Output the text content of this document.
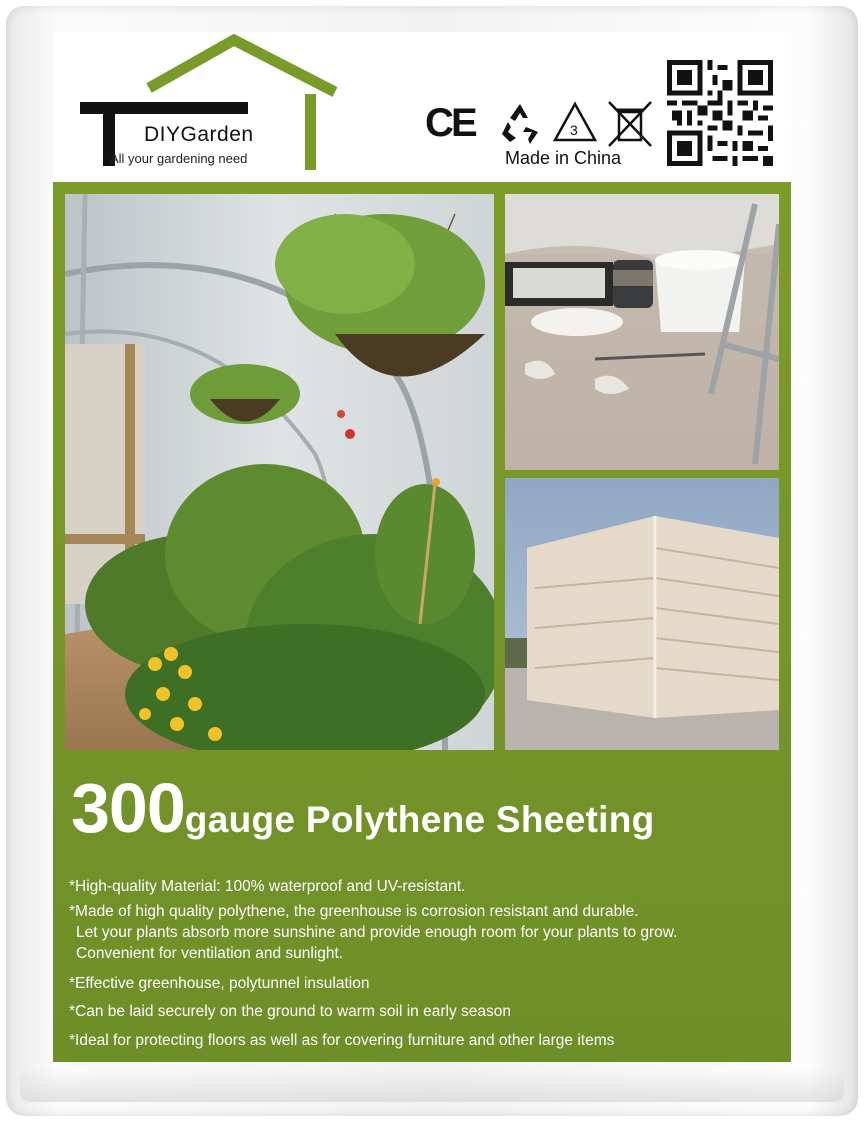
DIYGarden
All your gardening need
C
E	3
Made in China
300gauge Polythene Sheeting
*High-quality Material: 100% waterproof and UV-resistant.
*Made of high quality polythene, the greenhouse is corrosion resistant and durable.
Let your plants absorb more sunshine and provide enough room for your plants to grow.
Convenient for ventilation and sunlight.
*Effective greenhouse, polytunnel insulation
*Can be laid securely on the ground to warm soil in early season
*Ideal for protecting floors as well as for covering furniture and other large items
